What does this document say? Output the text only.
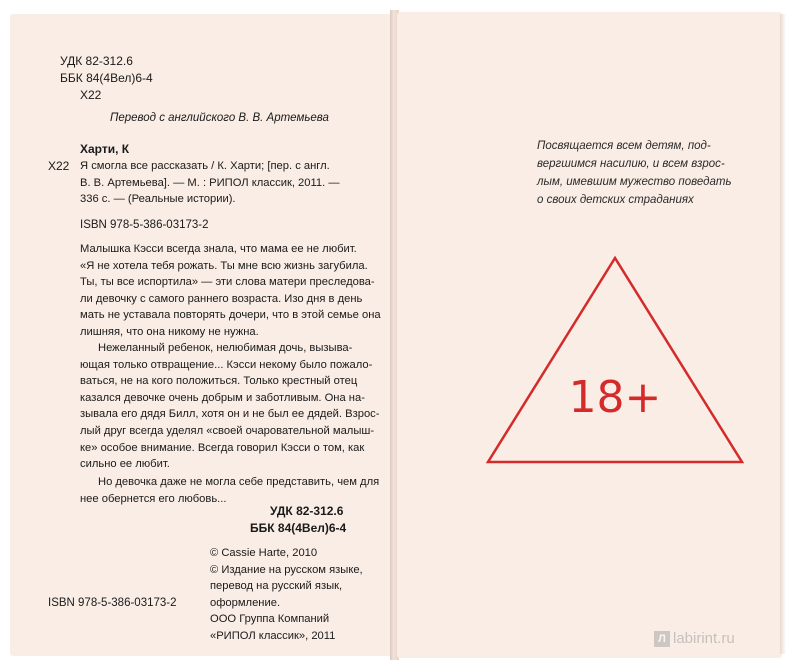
УДК 82-312.6
ББК 84(4Вел)6-4
Х22
Перевод с английского В. В. Артемьева
Харти, К
Х22 Я смогла все рассказать / К. Харти; [пер. с англ.
В. В. Артемьева]. — М. : РИПОЛ классик, 2011. —
336 с. — (Реальные истории).
ISBN 978-5-386-03173-2
Малышка Кэсси всегда знала, что мама ее не любит.
«Я не хотела тебя рожать. Ты мне всю жизнь загубила.
Ты, ты все испортила» — эти слова матери преследова-
ли девочку с самого раннего возраста. Изо дня в день
мать не уставала повторять дочери, что в этой семье она
лишняя, что она никому не нужна.
Нежеланный ребенок, нелюбимая дочь, вызыва-
ющая только отвращение... Кэсси некому было пожало-
ваться, не на кого положиться. Только крестный отец
казался девочке очень добрым и заботливым. Она на-
зывала его дядя Билл, хотя он и не был ее дядей. Взрос-
лый друг всегда уделял «своей очаровательной малыш-
ке» особое внимание. Всегда говорил Кэсси о том, как
сильно ее любит.
Но девочка даже не могла себе представить, чем для
нее обернется его любовь...
УДК 82-312.6
ББК 84(4Вел)6-4
© Cassie Harte, 2010
© Издание на русском языке,
перевод на русский язык,
оформление.
ООО Группа Компаний
«РИПОЛ классик», 2011
ISBN 978-5-386-03173-2
Посвящается всем детям, под-
вергшимся насилию, и всем взрос-
лым, имевшим мужество поведать
о своих детских страданиях
18+
Л labirint.ru
